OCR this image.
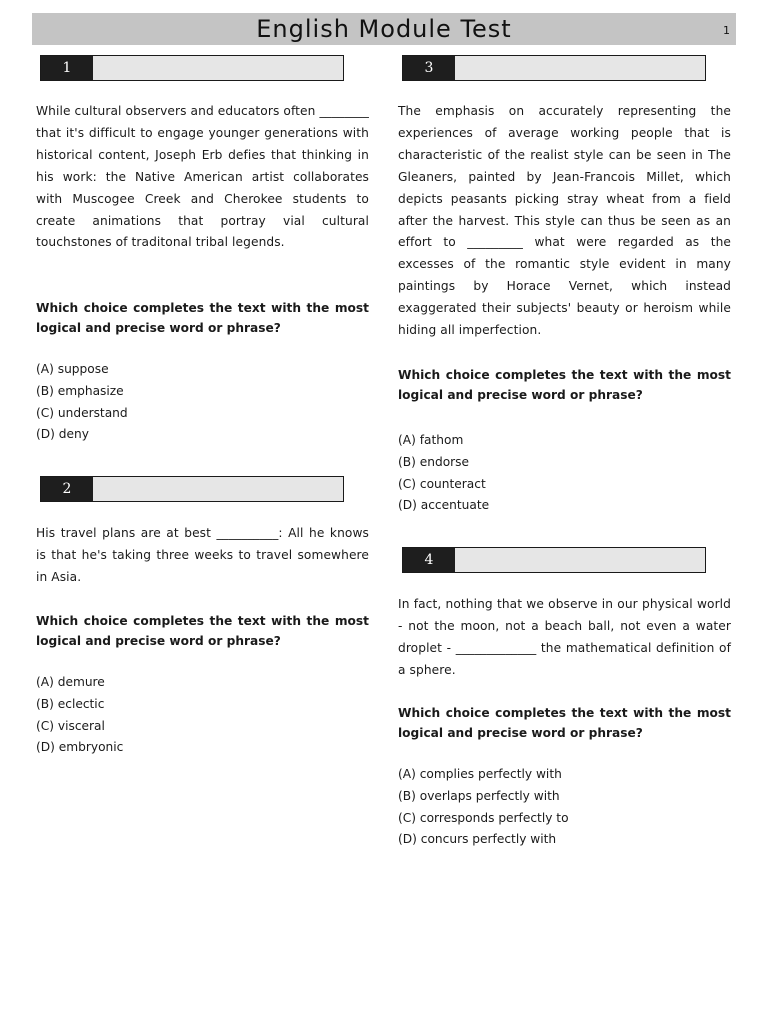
English Module Test	1
1
While cultural observers and educators often ________ that it's difficult to engage younger generations with historical content, Joseph Erb defies that thinking in his work: the Native American artist collaborates with Muscogee Creek and Cherokee students to create animations that portray vial cultural touchstones of traditonal tribal legends.
Which choice completes the text with the most logical and precise word or phrase?
(A) suppose
(B) emphasize
(C) understand
(D) deny
2
His travel plans are at best __________: All he knows is that he's taking three weeks to travel somewhere in Asia.
Which choice completes the text with the most logical and precise word or phrase?
(A) demure
(B) eclectic
(C) visceral
(D) embryonic
3
The emphasis on accurately representing the experiences of average working people that is characteristic of the realist style can be seen in The Gleaners, painted by Jean-Francois Millet, which depicts peasants picking stray wheat from a field after the harvest. This style can thus be seen as an effort to _________ what were regarded as the excesses of the romantic style evident in many paintings by Horace Vernet, which instead exaggerated their subjects' beauty or heroism while hiding all imperfection.
Which choice completes the text with the most logical and precise word or phrase?
(A) fathom
(B) endorse
(C) counteract
(D) accentuate
4
In fact, nothing that we observe in our physical world - not the moon, not a beach ball, not even a water droplet - _____________ the mathematical definition of a sphere.
Which choice completes the text with the most logical and precise word or phrase?
(A) complies perfectly with
(B) overlaps perfectly with
(C) corresponds perfectly to
(D) concurs perfectly with
